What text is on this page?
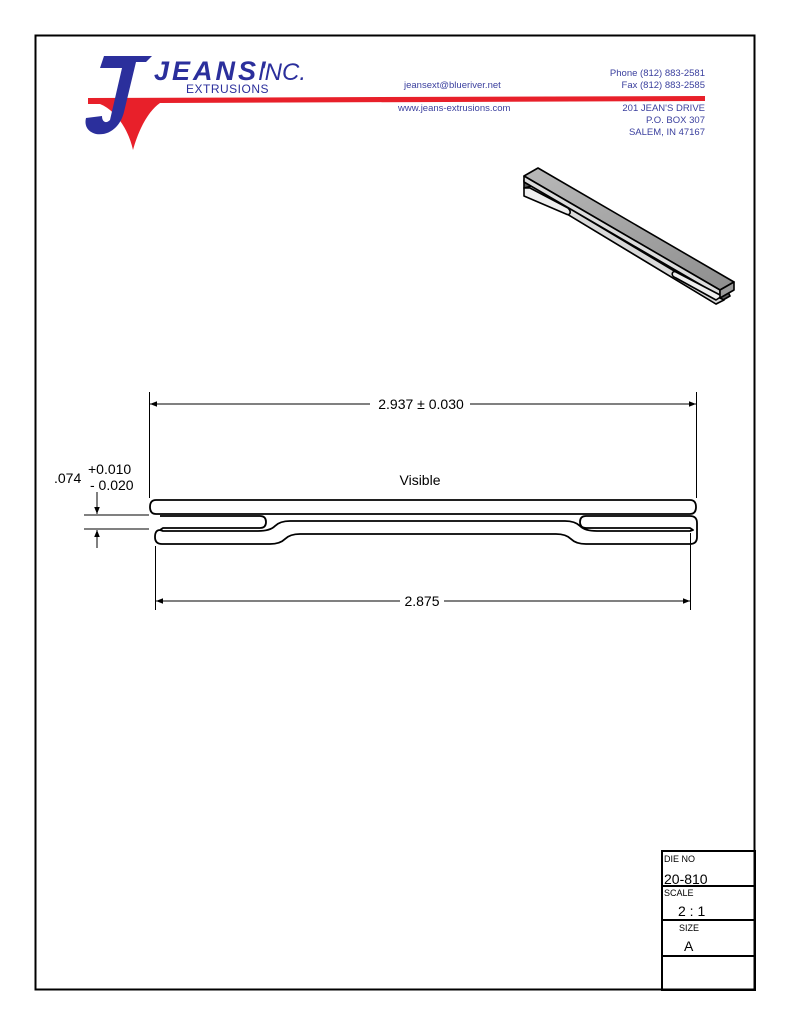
JEANS'
INC.
EXTRUSIONS	jeansext@blueriver.net
www.jeans-extrusions.com
Phone (812) 883-2581
Fax (812) 883-2585
201 JEAN'S DRIVE
P.O. BOX 307
SALEM, IN 47167
Visible
2.937 ± 0.030
2.875
.074
+0.010
- 0.020
DIE NO
20-810
SCALE
2 : 1
SIZE
A
